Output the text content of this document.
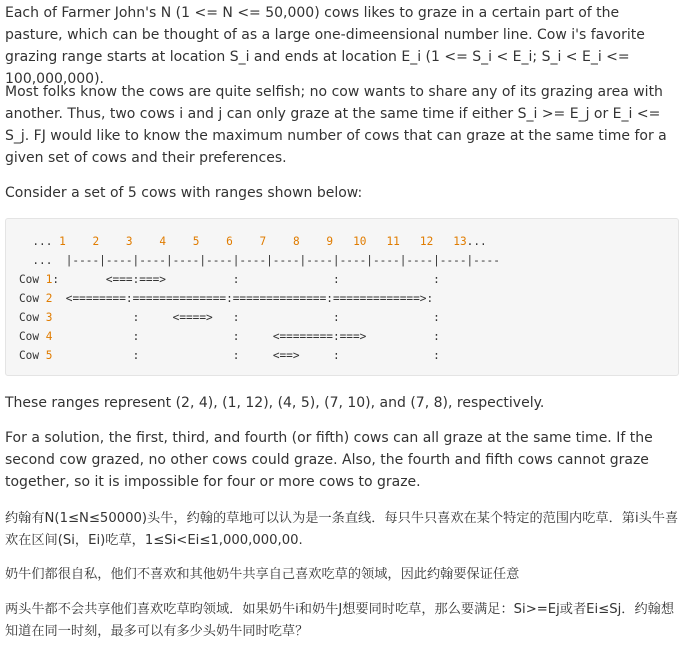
Each of Farmer John's N (1 <= N <= 50,000) cows likes to graze in a certain part of the pasture, which can be thought of as a large one-dimeensional number line. Cow i's favorite grazing range starts at location S_i and ends at location E_i (1 <= S_i < E_i; S_i < E_i <= 100,000,000).

Most folks know the cows are quite selfish; no cow wants to share any of its grazing area with another. Thus, two cows i and j can only graze at the same time if either S_i >= E_j or E_i <= S_j. FJ would like to know the maximum number of cows that can graze at the same time for a given set of cows and their preferences.

Consider a set of 5 cows with ranges shown below:

... 1 2 3 4 5 6 7 8 9 10 11 12 13...
...  |----|----|----|----|----|----|----|----|----|----|----|----|----
Cow 1:       <===:===>          :              :              :
Cow 2  <========:==============:==============:=============>:
Cow 3            :     <====>   :              :              :
Cow 4            :              :     <========:===>          :
Cow 5            :              :     <==>     :              :

These ranges represent (2, 4), (1, 12), (4, 5), (7, 10), and (7, 8), respectively.

For a solution, the first, third, and fourth (or fifth) cows can all graze at the same time. If the second cow grazed, no other cows could graze. Also, the fourth and fifth cows cannot graze together, so it is impossible for four or more cows to graze.

约翰有N(1≤N≤50000)头牛，约翰的草地可以认为是一条直线．每只牛只喜欢在某个特定的范围内吃草．第i头牛喜欢在区间(Si，Ei)吃草，1≤Si<Ei≤1,000,000,00.

奶牛们都很自私，他们不喜欢和其他奶牛共享自己喜欢吃草的领域，因此约翰要保证任意

两头牛都不会共享他们喜欢吃草昀领域．如果奶牛i和奶牛J想要同时吃草，那么要满足：Si>=Ej或者Ei≤Sj．约翰想知道在同一时刻，最多可以有多少头奶牛同时吃草？
